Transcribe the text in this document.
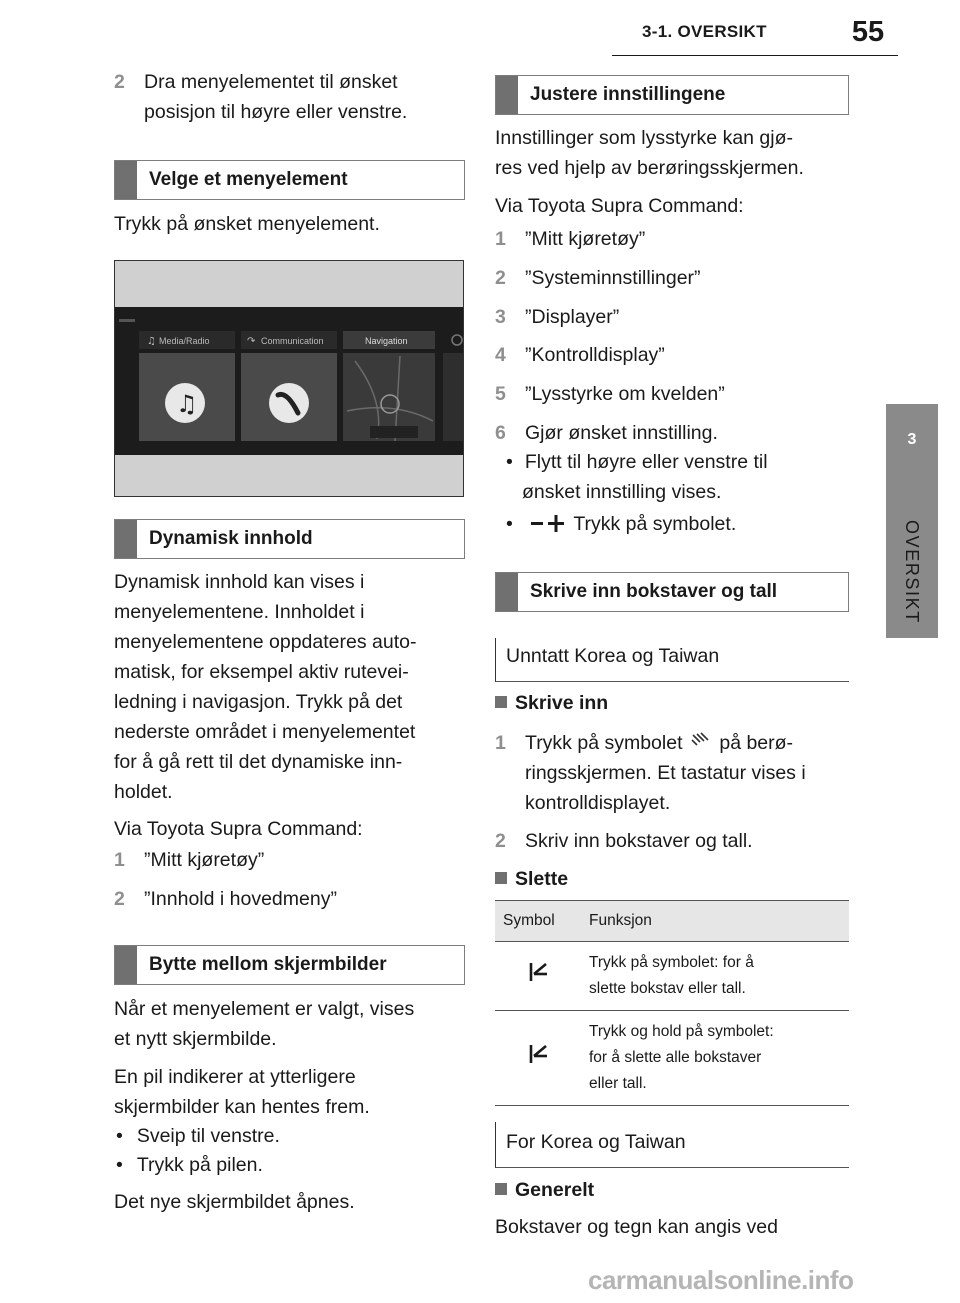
3-1. OVERSIKT	55
3
OVERSIKT
2 Dra menyelementet til ønsket
posisjon til høyre eller venstre.
Velge et menyelement
Trykk på ønsket menyelement.
Media/Radio	Communication	Navigation
♫	↷
♫
Dynamisk innhold
Dynamisk innhold kan vises i
menyelementene. Innholdet i
menyelementene oppdateres auto-
matisk, for eksempel aktiv rutevei-
ledning i navigasjon. Trykk på det
nederste området i menyelementet
for å gå rett til det dynamiske inn-
holdet.
Via Toyota Supra Command:
1 ”Mitt kjøretøy”
2 ”Innhold i hovedmeny”
Bytte mellom skjermbilder
Når et menyelement er valgt, vises
et nytt skjermbilde.
En pil indikerer at ytterligere
skjermbilder kan hentes frem.
• Sveip til venstre.
• Trykk på pilen.
Det nye skjermbildet åpnes.
Justere innstillingene
Innstillinger som lysstyrke kan gjø-
res ved hjelp av berøringsskjermen.
Via Toyota Supra Command:
1 ”Mitt kjøretøy”
2 ”Systeminnstillinger”
3 ”Displayer”
4 ”Kontrolldisplay”
5 ”Lysstyrke om kvelden”
6 Gjør ønsket innstilling.
• Flytt til høyre eller venstre til
ønsket innstilling vises.
•	Trykk på symbolet.
Skrive inn bokstaver og tall
Unntatt Korea og Taiwan
Skrive inn
1 Trykk på symbolet på berø-
ringsskjermen. Et tastatur vises i
kontrolldisplayet.
2 Skriv inn bokstaver og tall.
Slette
Symbol	Funksjon

Trykk på symbolet: for å
slette bokstav eller tall.

Trykk og hold på symbolet:
for å slette alle bokstaver
eller tall.
For Korea og Taiwan
Generelt
Bokstaver og tegn kan angis ved
carmanualsonline.info
